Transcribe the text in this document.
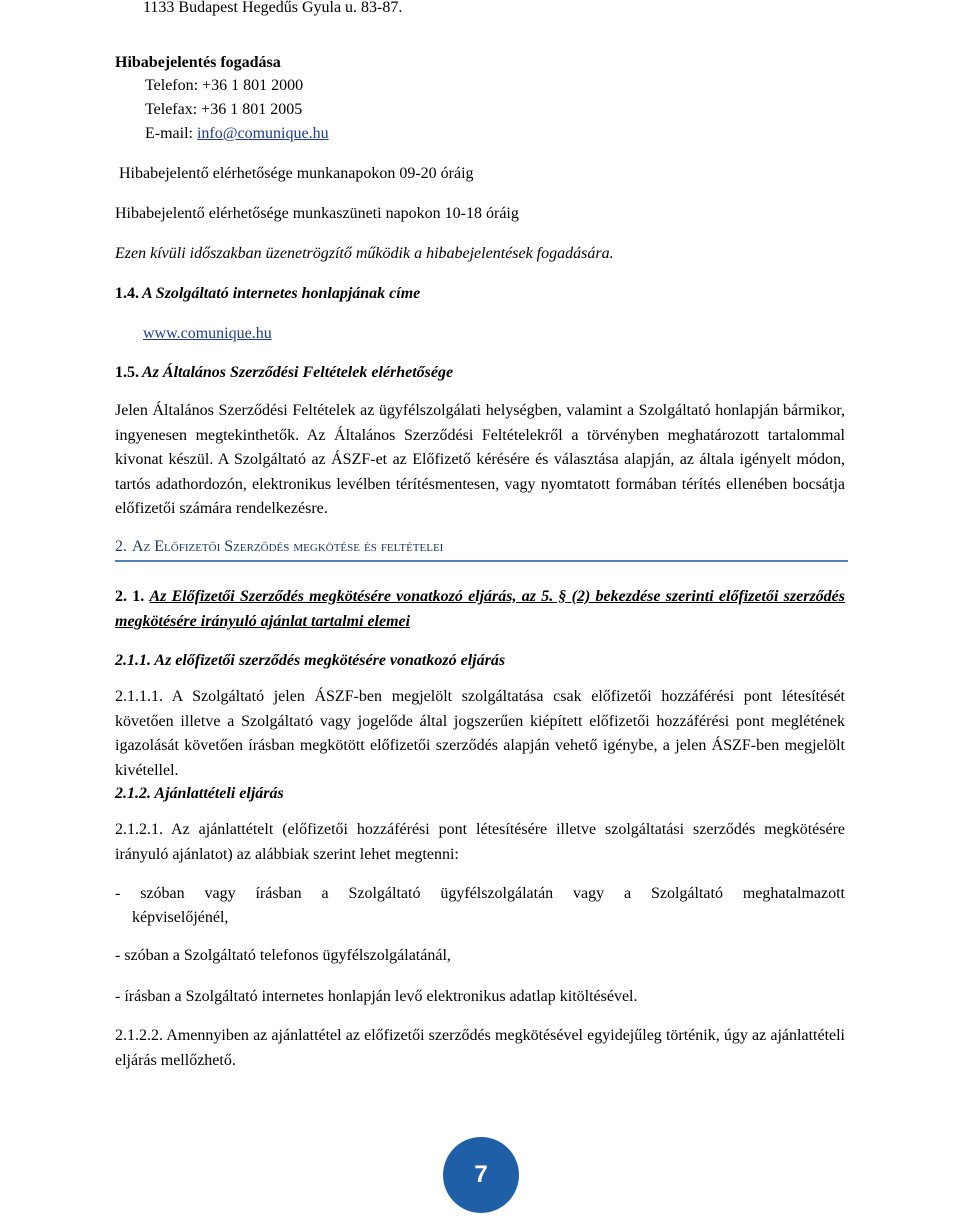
1133 Budapest Hegedűs Gyula u. 83-87.
Hibabejelentés fogadása
Telefon: +36 1 801 2000
Telefax: +36 1 801 2005
E-mail: info@comunique.hu
Hibabejelentő elérhetősége munkanapokon 09-20 óráig
Hibabejelentő elérhetősége munkaszüneti napokon 10-18 óráig
Ezen kívüli időszakban üzenetrögzítő működik a hibabejelentések fogadására.
1.4. A Szolgáltató internetes honlapjának címe
www.comunique.hu
1.5. Az Általános Szerződési Feltételek elérhetősége
Jelen Általános Szerződési Feltételek az ügyfélszolgálati helységben, valamint a Szolgáltató honlapján bármikor, ingyenesen megtekinthetők. Az Általános Szerződési Feltételekről a törvényben meghatározott tartalommal kivonat készül. A Szolgáltató az ÁSZF-et az Előfizető kérésére és választása alapján, az általa igényelt módon, tartós adathordozón, elektronikus levélben térítésmentesen, vagy nyomtatott formában térítés ellenében bocsátja előfizetői számára rendelkezésre.
2. Az Előfizetői Szerződés megkötése és feltételei
2. 1. Az Előfizetői Szerződés megkötésére vonatkozó eljárás, az 5. § (2) bekezdése szerinti előfizetői szerződés megkötésére irányuló ajánlat tartalmi elemei
2.1.1. Az előfizetői szerződés megkötésére vonatkozó eljárás
2.1.1.1. A Szolgáltató jelen ÁSZF-ben megjelölt szolgáltatása csak előfizetői hozzáférési pont létesítését követően illetve a Szolgáltató vagy jogelőde által jogszerűen kiépített előfizetői hozzáférési pont meglétének igazolását követően írásban megkötött előfizetői szerződés alapján vehető igénybe, a jelen ÁSZF-ben megjelölt kivétellel.
2.1.2. Ajánlattételi eljárás
2.1.2.1. Az ajánlattételt (előfizetői hozzáférési pont létesítésére illetve szolgáltatási szerződés megkötésére irányuló ajánlatot) az alábbiak szerint lehet megtenni:
- szóban vagy írásban a Szolgáltató ügyfélszolgálatán vagy a Szolgáltató meghatalmazott
képviselőjénél,
- szóban a Szolgáltató telefonos ügyfélszolgálatánál,
- írásban a Szolgáltató internetes honlapján levő elektronikus adatlap kitöltésével.
2.1.2.2. Amennyiben az ajánlattétel az előfizetői szerződés megkötésével egyidejűleg történik, úgy az ajánlattételi eljárás mellőzhető.
7
